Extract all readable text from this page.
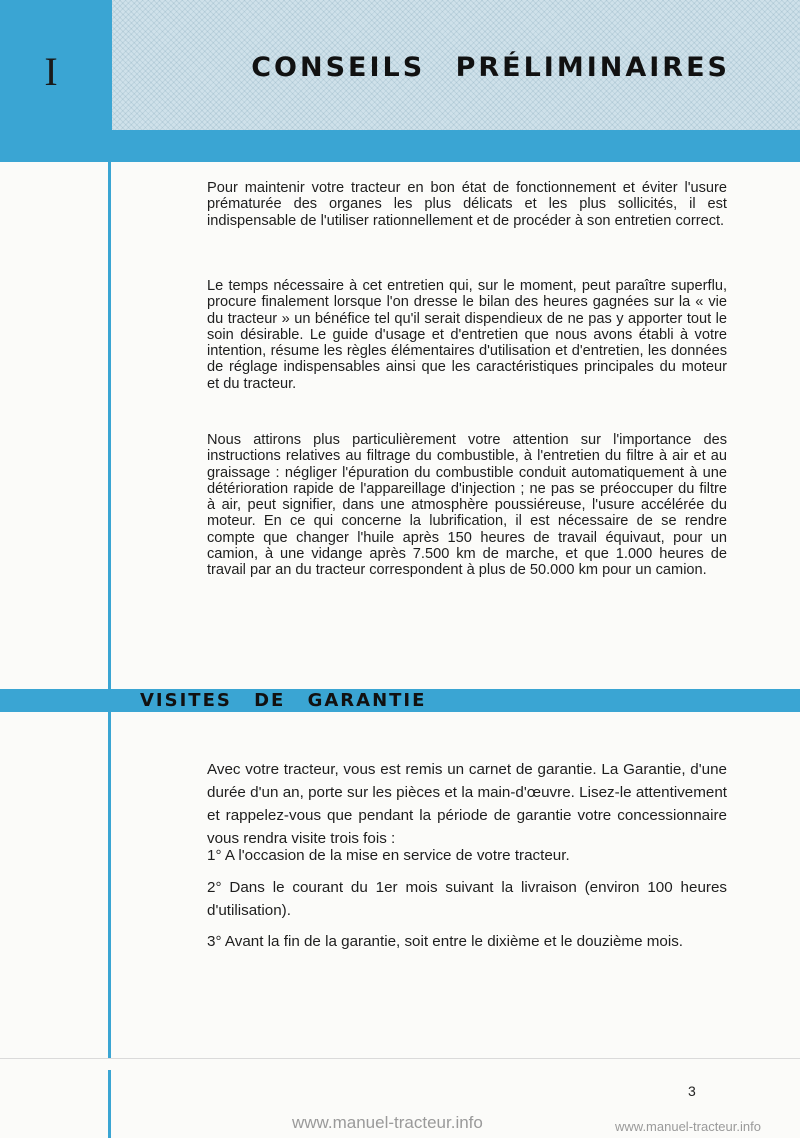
I	CONSEILS PRÉLIMINAIRES

Pour maintenir votre tracteur en bon état de fonctionnement et éviter l'usure prématurée des organes les plus délicats et les plus sollicités, il est indispensable de l'utiliser rationnellement et de procéder à son entretien correct.

Le temps nécessaire à cet entretien qui, sur le moment, peut paraître superflu, procure finalement lorsque l'on dresse le bilan des heures gagnées sur la « vie du tracteur » un bénéfice tel qu'il serait dispendieux de ne pas y apporter tout le soin désirable. Le guide d'usage et d'entretien que nous avons établi à votre intention, résume les règles élémentaires d'utilisation et d'entretien, les données de réglage indispensables ainsi que les caractéristiques principales du moteur et du tracteur.

Nous attirons plus particulièrement votre attention sur l'importance des instructions relatives au filtrage du combustible, à l'entretien du filtre à air et au graissage : négliger l'épuration du combustible conduit automatiquement à une détérioration rapide de l'appareillage d'injection ; ne pas se préoccuper du filtre à air, peut signifier, dans une atmosphère poussiéreuse, l'usure accélérée du moteur. En ce qui concerne la lubrification, il est nécessaire de se rendre compte que changer l'huile après 150 heures de travail équivaut, pour un camion, à une vidange après 7.500 km de marche, et que 1.000 heures de travail par an du tracteur correspondent à plus de 50.000 km pour un camion.

VISITES DE GARANTIE

Avec votre tracteur, vous est remis un carnet de garantie. La Garantie, d'une durée d'un an, porte sur les pièces et la main-d'œuvre. Lisez-le attentivement et rappelez-vous que pendant la période de garantie votre concessionnaire vous rendra visite trois fois :

1° A l'occasion de la mise en service de votre tracteur.

2° Dans le courant du 1er mois suivant la livraison (environ 100 heures d'utilisation).

3° Avant la fin de la garantie, soit entre le dixième et le douzième mois.

3
www.manuel-tracteur.info	www.manuel-tracteur.info
